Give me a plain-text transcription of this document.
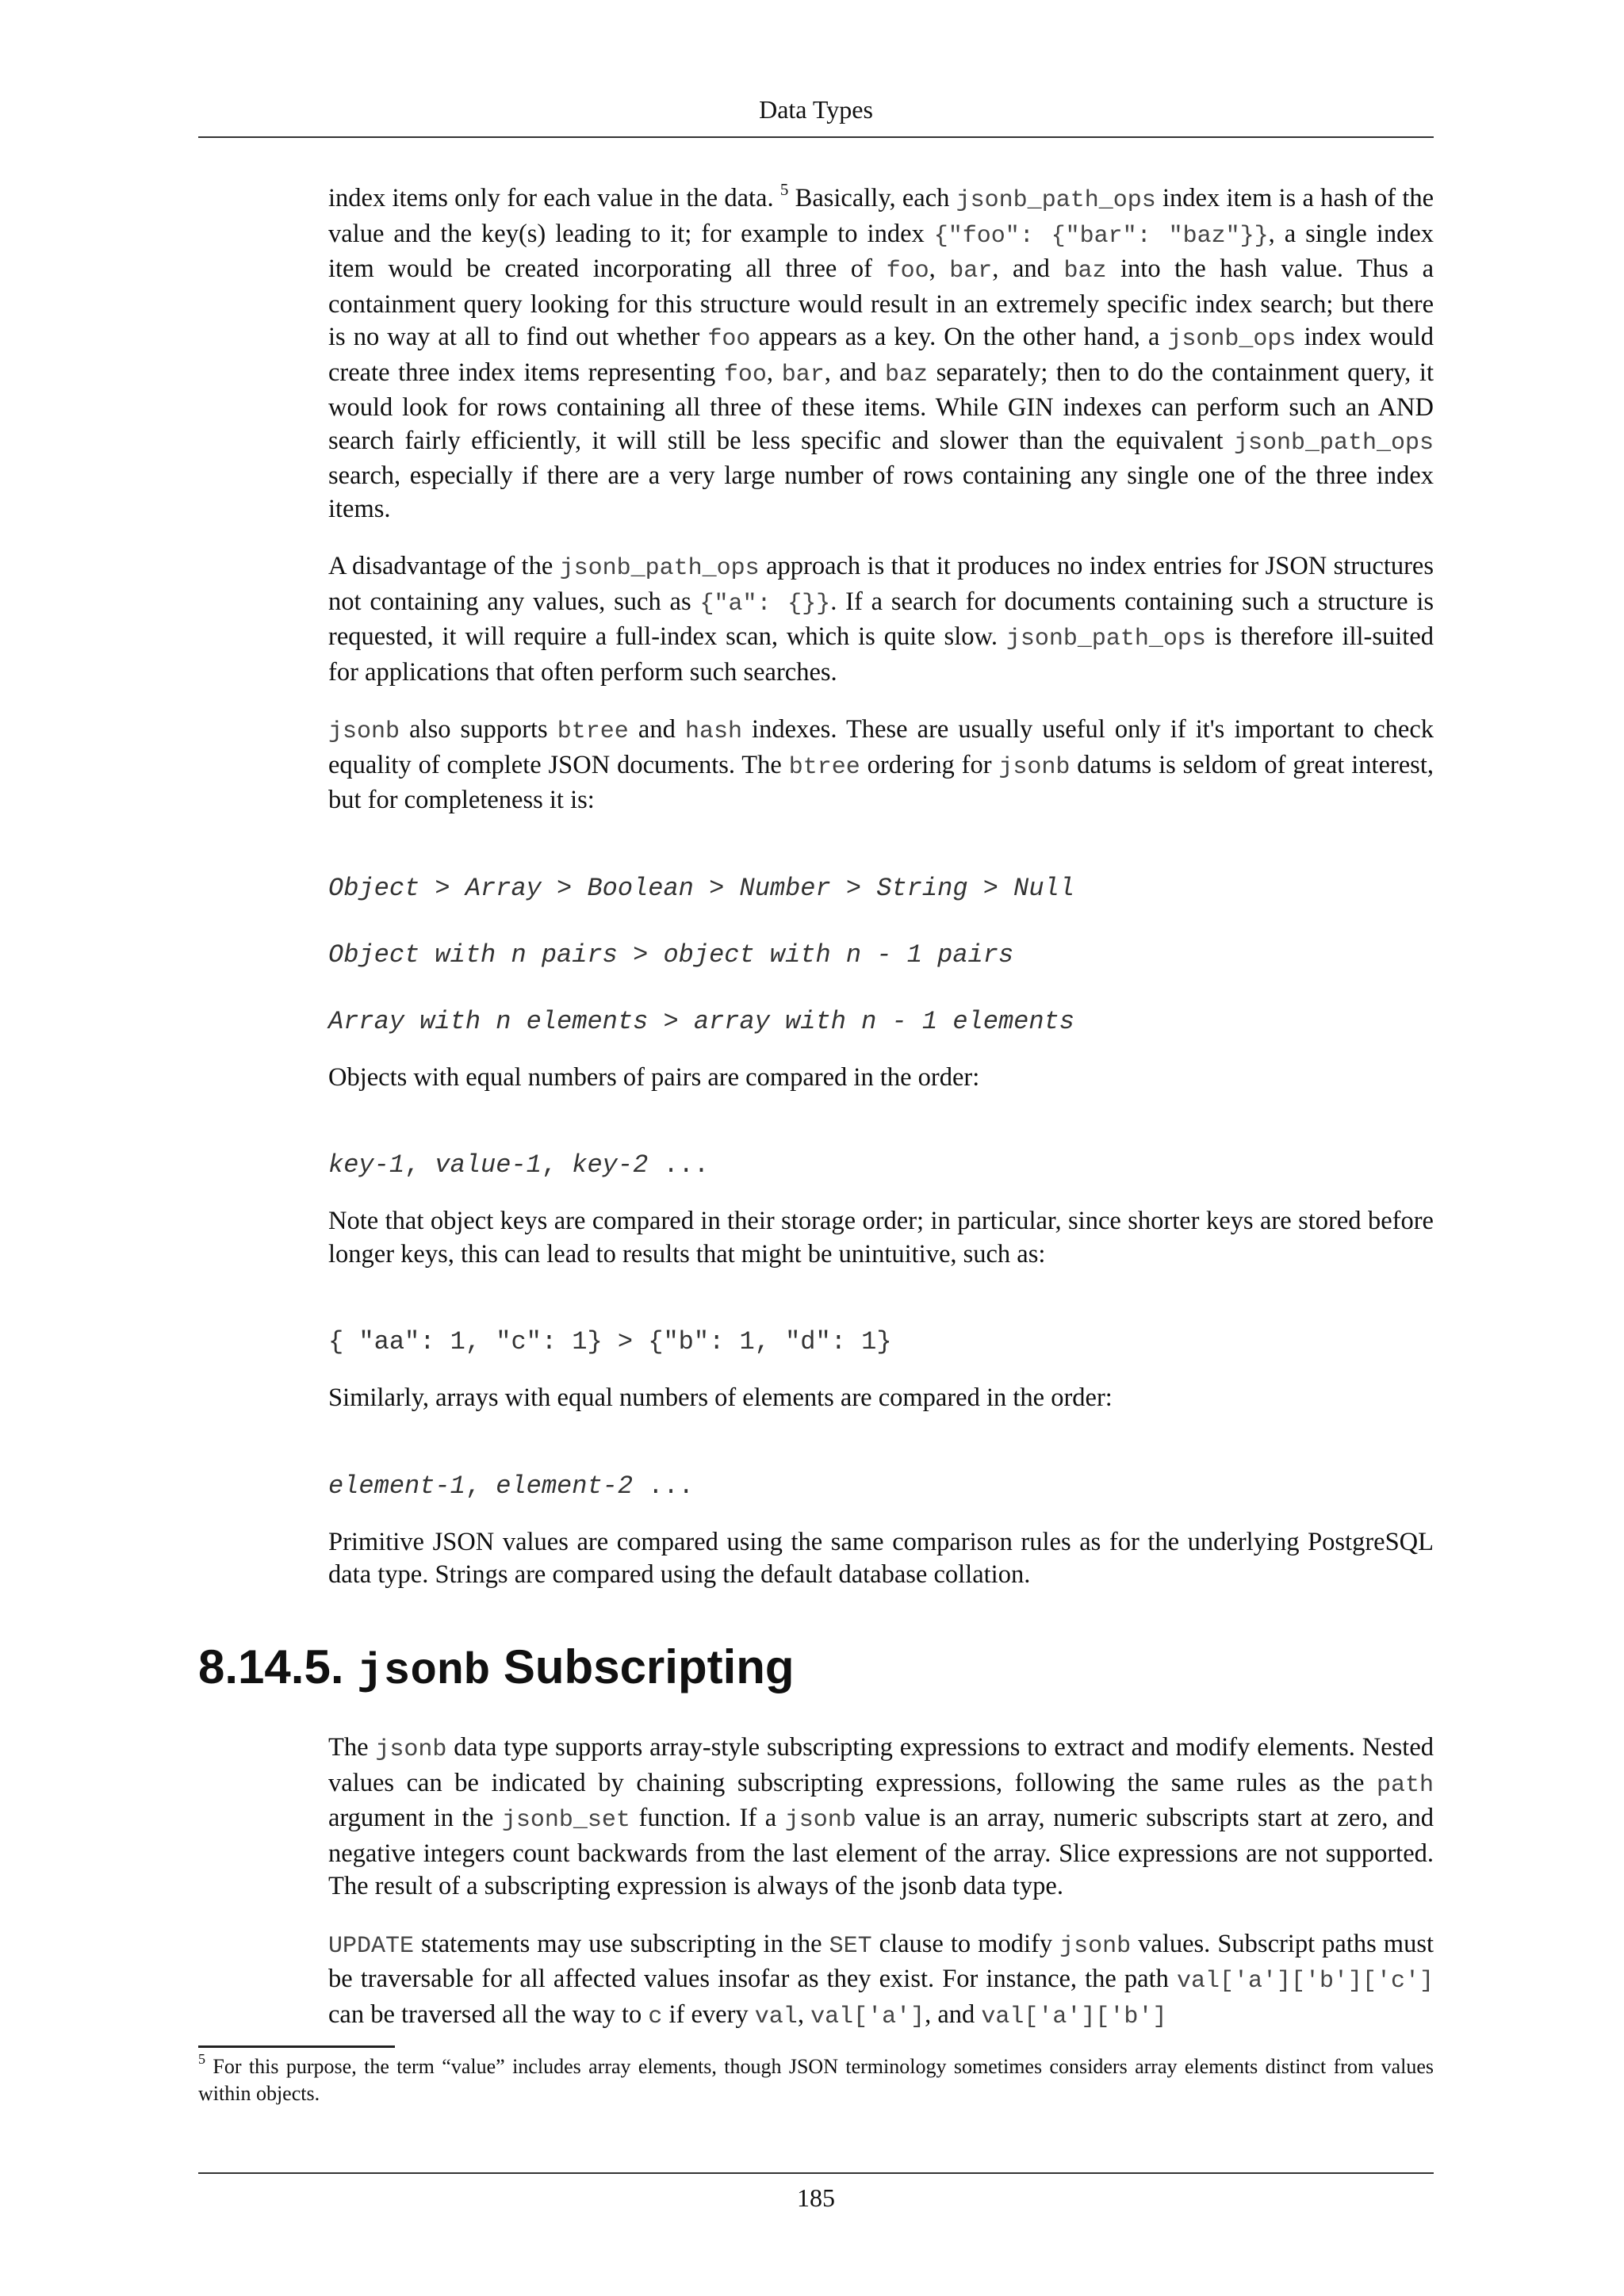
Data Types

index items only for each value in the data. $^5$ Basically, each jsonb_path_ops index item is a hash of the value and the key(s) leading to it; for example to index {"foo": {"bar": "baz"}}, a single index item would be created incorporating all three of foo, bar, and baz into the hash value. Thus a containment query looking for this structure would result in an extremely specific index search; but there is no way at all to find out whether foo appears as a key. On the other hand, a jsonb_ops index would create three index items representing foo, bar, and baz separately; then to do the containment query, it would look for rows containing all three of these items. While GIN indexes can perform such an AND search fairly efficiently, it will still be less specific and slower than the equivalent jsonb_path_ops search, especially if there are a very large number of rows containing any single one of the three index items.

A disadvantage of the jsonb_path_ops approach is that it produces no index entries for JSON structures not containing any values, such as {"a": {}}. If a search for documents containing such a structure is requested, it will require a full-index scan, which is quite slow. jsonb_path_ops is therefore ill-suited for applications that often perform such searches.

jsonb also supports btree and hash indexes. These are usually useful only if it's important to check equality of complete JSON documents. The btree ordering for jsonb datums is seldom of great interest, but for completeness it is:

Object > Array > Boolean > Number > String > Null

Object with n pairs > object with n - 1 pairs

Array with n elements > array with n - 1 elements

Objects with equal numbers of pairs are compared in the order:

key-1, value-1, key-2 ...

Note that object keys are compared in their storage order; in particular, since shorter keys are stored before longer keys, this can lead to results that might be unintuitive, such as:

{ "aa": 1, "c": 1} > {"b": 1, "d": 1}

Similarly, arrays with equal numbers of elements are compared in the order:

element-1, element-2 ...

Primitive JSON values are compared using the same comparison rules as for the underlying PostgreSQL data type. Strings are compared using the default database collation.

8.14.5. jsonb Subscripting

The jsonb data type supports array-style subscripting expressions to extract and modify elements. Nested values can be indicated by chaining subscripting expressions, following the same rules as the path argument in the jsonb_set function. If a jsonb value is an array, numeric subscripts start at zero, and negative integers count backwards from the last element of the array. Slice expressions are not supported. The result of a subscripting expression is always of the jsonb data type.

UPDATE statements may use subscripting in the SET clause to modify jsonb values. Subscript paths must be traversable for all affected values insofar as they exist. For instance, the path val['a']['b']['c'] can be traversed all the way to c if every val, val['a'], and val['a']['b']

$^5$ For this purpose, the term “value” includes array elements, though JSON terminology sometimes considers array elements distinct from values within objects.

185
